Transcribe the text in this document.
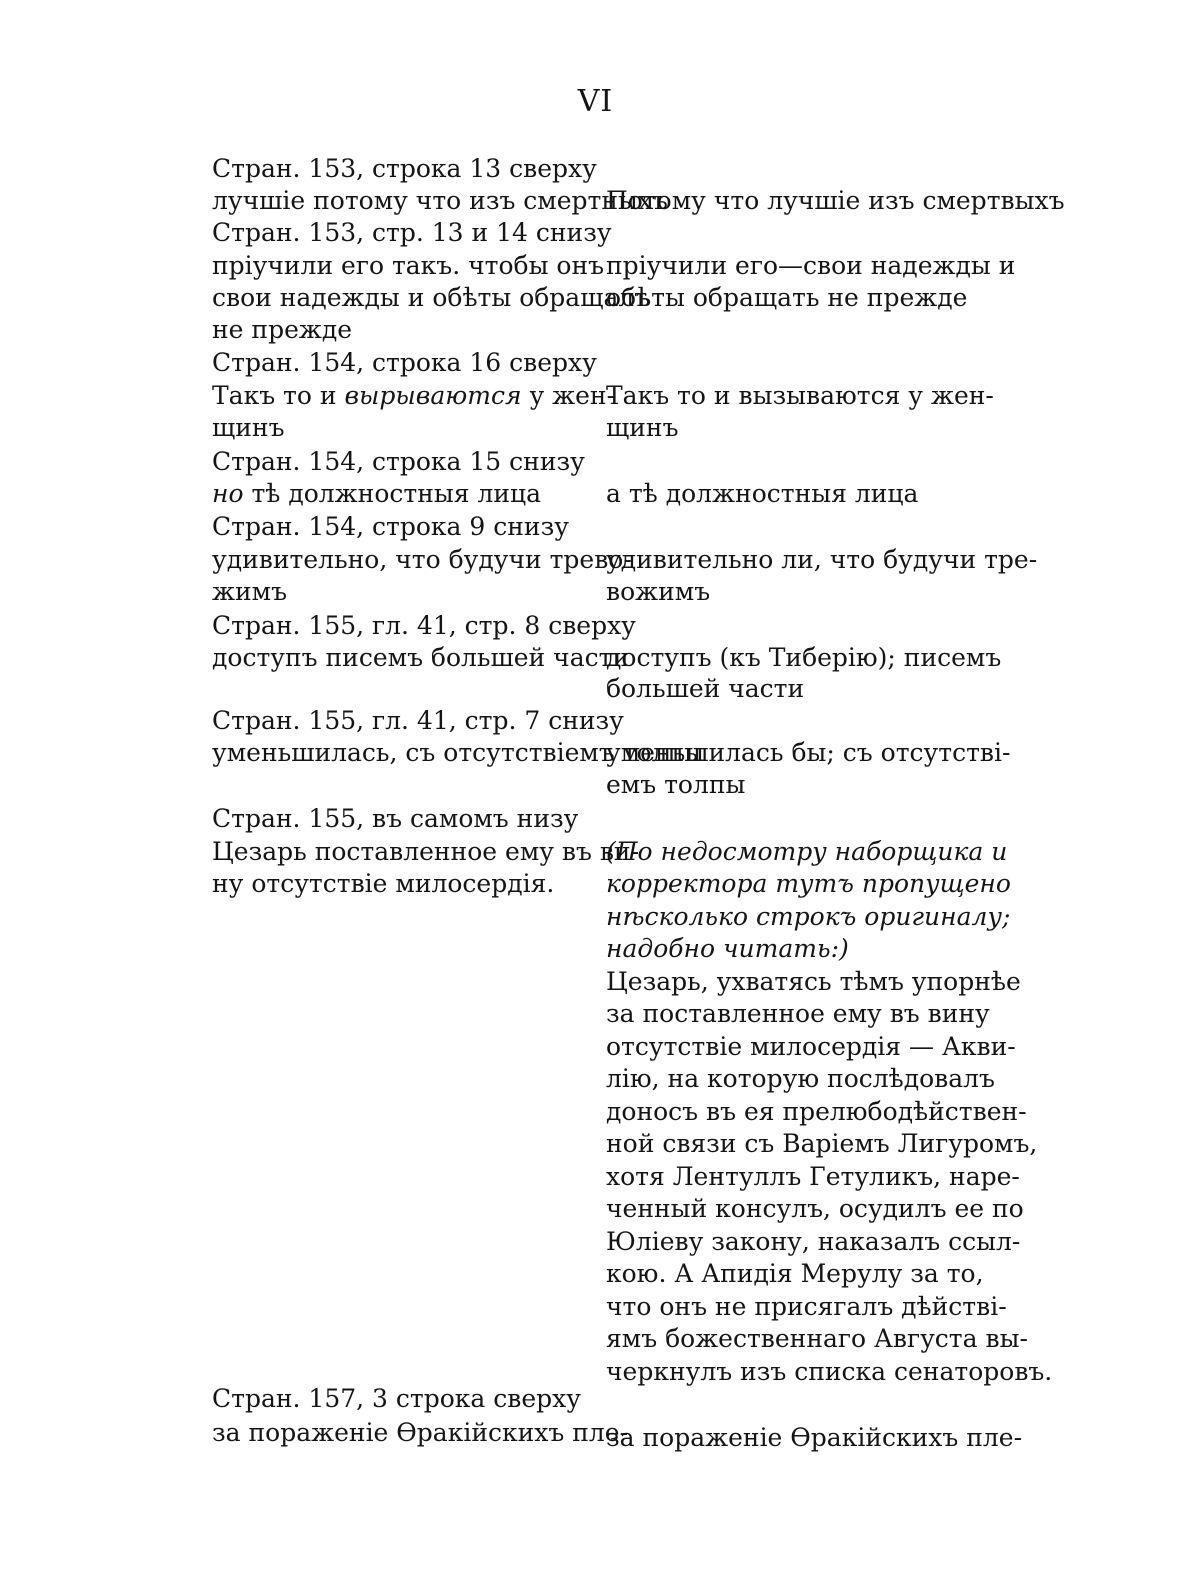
VI
Стран. 153, строка 13 сверху
лучшіе потому что изъ смертныхъ
Стран. 153, стр. 13 и 14 снизу
пріучили его такъ. чтобы онъ
свои надежды и обѣты обращалъ
не прежде
Стран. 154, строка 16 сверху
Такъ то и вырываются у жен-
щинъ
Стран. 154, строка 15 снизу
но тѣ должностныя лица
Стран. 154, строка 9 снизу
удивительно, что будучи трево-
жимъ
Стран. 155, гл. 41, стр. 8 сверху
доступъ писемъ большей части
Стран. 155, гл. 41, стр. 7 снизу
уменьшилась, съ отсутствіемъ толпы
Стран. 155, въ самомъ низу
Цезарь поставленное ему въ ви-
ну отсутствіе милосердія.
Стран. 157, 3 строка сверху
за пораженіе Ѳракійскихъ пле-
Потому что лучшіе изъ смертвыхъ
пріучили его—свои надежды и
обѣты обращать не прежде
Такъ то и вызываются у жен-
щинъ
а тѣ должностныя лица
удивительно ли, что будучи тре-
вожимъ
доступъ (къ Тиберію); писемъ
большей части
уменьшилась бы; съ отсутствi-
емъ толпы
(По недосмотру наборщика и
корректора тутъ пропущено
нѣсколько строкъ оригиналу;
надобно читать:)
Цезарь, ухватясь тѣмъ упорнѣе
за поставленное ему въ вину
отсутствіе милосердія — Акви-
лію, на которую послѣдовалъ
доносъ въ ея прелюбодѣйствен-
ной связи съ Варіемъ Лигуромъ,
хотя Лентуллъ Гетуликъ, наре-
ченный консулъ, осудилъ ее по
Юліеву закону, наказалъ ссыл-
кою. А Апидія Мерулу за то,
что онъ не присягалъ дѣйстві-
ямъ божественнаго Августа вы-
черкнулъ изъ списка сенаторовъ.
за пораженіе Ѳракійскихъ пле-
